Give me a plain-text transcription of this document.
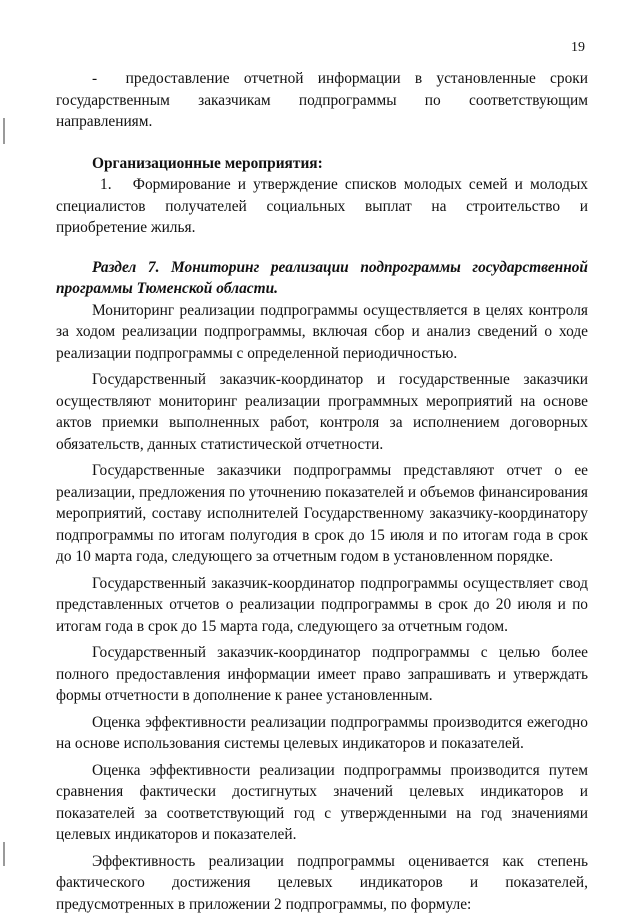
19

-  предоставление отчетной информации в установленные сроки государственным заказчикам подпрограммы по соответствующим направлениям.

Организационные мероприятия:

1.   Формирование и утверждение списков молодых семей и молодых специалистов получателей социальных выплат на строительство и приобретение жилья.

Раздел 7. Мониторинг реализации подпрограммы государственной программы Тюменской области.

Мониторинг реализации подпрограммы осуществляется в целях контроля за ходом реализации подпрограммы, включая сбор и анализ сведений о ходе реализации подпрограммы с определенной периодичностью.

Государственный заказчик-координатор и государственные заказчики осуществляют мониторинг реализации программных мероприятий на основе актов приемки выполненных работ, контроля за исполнением договорных обязательств, данных статистической отчетности.

Государственные заказчики подпрограммы представляют отчет о ее реализации, предложения по уточнению показателей и объемов финансирования мероприятий, составу исполнителей Государственному заказчику-координатору подпрограммы по итогам полугодия в срок до 15 июля и по итогам года в срок до 10 марта года, следующего за отчетным годом в установленном порядке.

Государственный заказчик-координатор подпрограммы осуществляет свод представленных отчетов о реализации подпрограммы в срок до 20 июля и по итогам года в срок до 15 марта года, следующего за отчетным годом.

Государственный заказчик-координатор подпрограммы с целью более полного предоставления информации имеет право запрашивать и утверждать формы отчетности в дополнение к ранее установленным.

Оценка эффективности реализации подпрограммы производится ежегодно на основе использования системы целевых индикаторов и показателей.

Оценка эффективности реализации подпрограммы производится путем сравнения фактически достигнутых значений целевых индикаторов и показателей за соответствующий год с утвержденными на год значениями целевых индикаторов и показателей.

Эффективность реализации подпрограммы оценивается как степень фактического достижения целевых индикаторов и показателей, предусмотренных в приложении 2 подпрограммы, по формуле:
